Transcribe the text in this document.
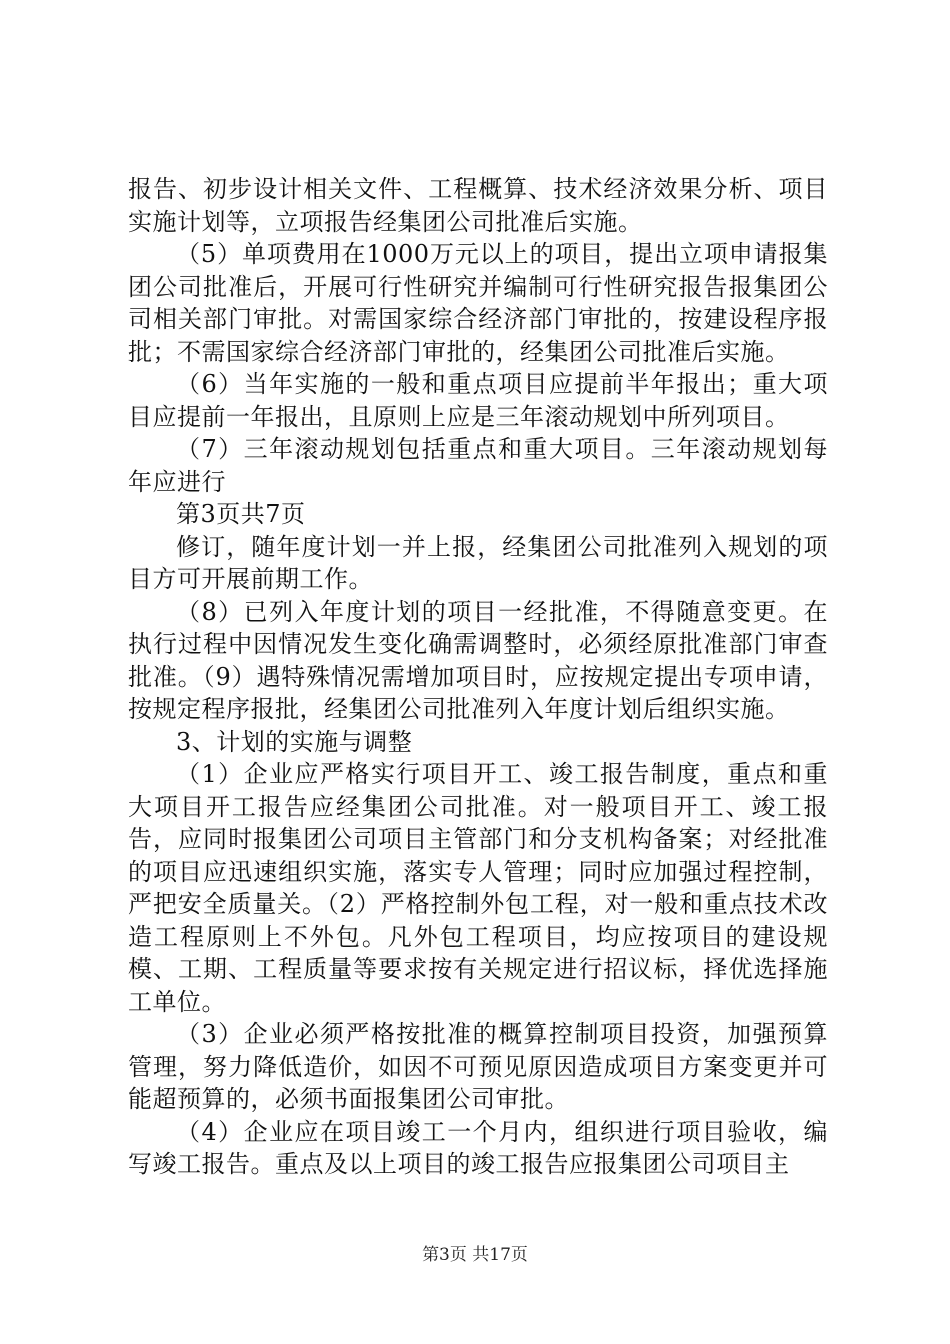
报告、初步设计相关文件、工程概算、技术经济效果分析、项目实施计划等，立项报告经集团公司批准后实施。

（5）单项费用在1000万元以上的项目，提出立项申请报集团公司批准后，开展可行性研究并编制可行性研究报告报集团公司相关部门审批。对需国家综合经济部门审批的，按建设程序报批；不需国家综合经济部门审批的，经集团公司批准后实施。

（6）当年实施的一般和重点项目应提前半年报出；重大项目应提前一年报出，且原则上应是三年滚动规划中所列项目。

（7）三年滚动规划包括重点和重大项目。三年滚动规划每年应进行

第3页共7页

修订，随年度计划一并上报，经集团公司批准列入规划的项目方可开展前期工作。

（8）已列入年度计划的项目一经批准，不得随意变更。在执行过程中因情况发生变化确需调整时，必须经原批准部门审查批准。（9）遇特殊情况需增加项目时，应按规定提出专项申请，按规定程序报批，经集团公司批准列入年度计划后组织实施。

3、计划的实施与调整

（1）企业应严格实行项目开工、竣工报告制度，重点和重大项目开工报告应经集团公司批准。对一般项目开工、竣工报告，应同时报集团公司项目主管部门和分支机构备案；对经批准的项目应迅速组织实施，落实专人管理；同时应加强过程控制，严把安全质量关。（2）严格控制外包工程，对一般和重点技术改造工程原则上不外包。凡外包工程项目，均应按项目的建设规模、工期、工程质量等要求按有关规定进行招议标，择优选择施工单位。

（3）企业必须严格按批准的概算控制项目投资，加强预算管理，努力降低造价，如因不可预见原因造成项目方案变更并可能超预算的，必须书面报集团公司审批。

（4）企业应在项目竣工一个月内，组织进行项目验收，编写竣工报告。重点及以上项目的竣工报告应报集团公司项目主

第3页 共17页
